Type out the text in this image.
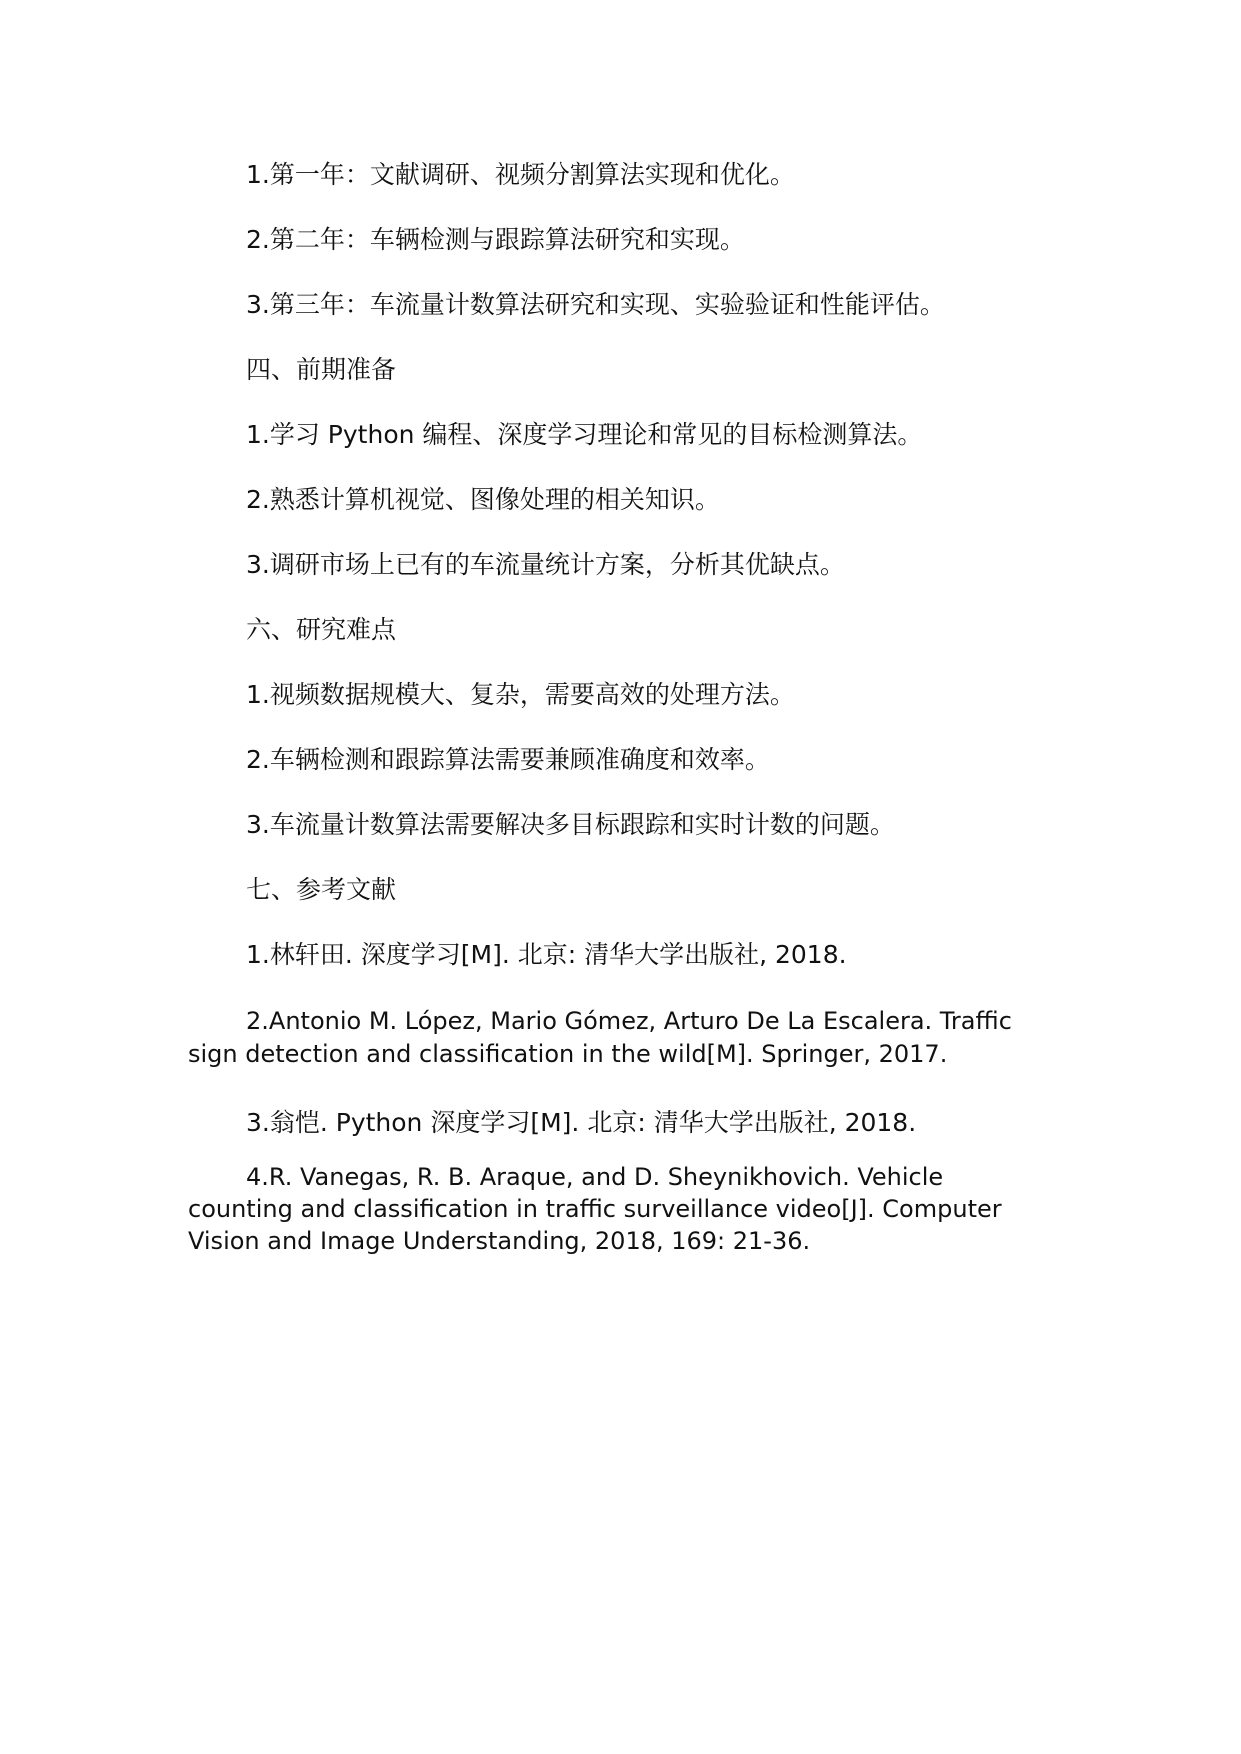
1.第一年：文献调研、视频分割算法实现和优化。
2.第二年：车辆检测与跟踪算法研究和实现。
3.第三年：车流量计数算法研究和实现、实验验证和性能评估。
四、前期准备
1.学习 Python 编程、深度学习理论和常见的目标检测算法。
2.熟悉计算机视觉、图像处理的相关知识。
3.调研市场上已有的车流量统计方案，分析其优缺点。
六、研究难点
1.视频数据规模大、复杂，需要高效的处理方法。
2.车辆检测和跟踪算法需要兼顾准确度和效率。
3.车流量计数算法需要解决多目标跟踪和实时计数的问题。
七、参考文献
1.林轩田. 深度学习[M]. 北京: 清华大学出版社, 2018.
2.Antonio M. López, Mario Gómez, Arturo De La Escalera. Traffic sign detection and classification in the wild[M]. Springer, 2017.
3.翁恺. Python 深度学习[M]. 北京: 清华大学出版社, 2018.
4.R. Vanegas, R. B. Araque, and D. Sheynikhovich. Vehicle counting and classification in traffic surveillance video[J]. Computer Vision and Image Understanding, 2018, 169: 21-36.
